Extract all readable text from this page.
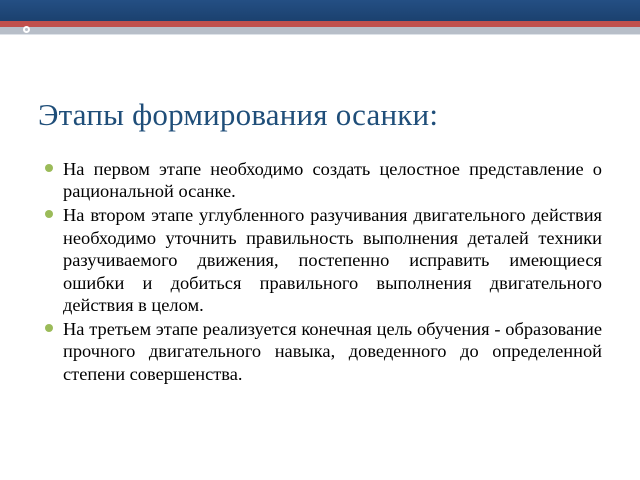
Этапы формирования осанки:
На первом этапе необходимо создать целостное представление о рациональной осанке.
На втором этапе углубленного разучивания двигательного действия необходимо уточнить правильность выполнения деталей техники разучиваемого движения, постепенно исправить имеющиеся ошибки и добиться правильного выполнения двигательного действия в целом.
На третьем этапе реализуется конечная цель обучения - образование прочного двигательного навыка, доведенного до определенной степени совершенства.
